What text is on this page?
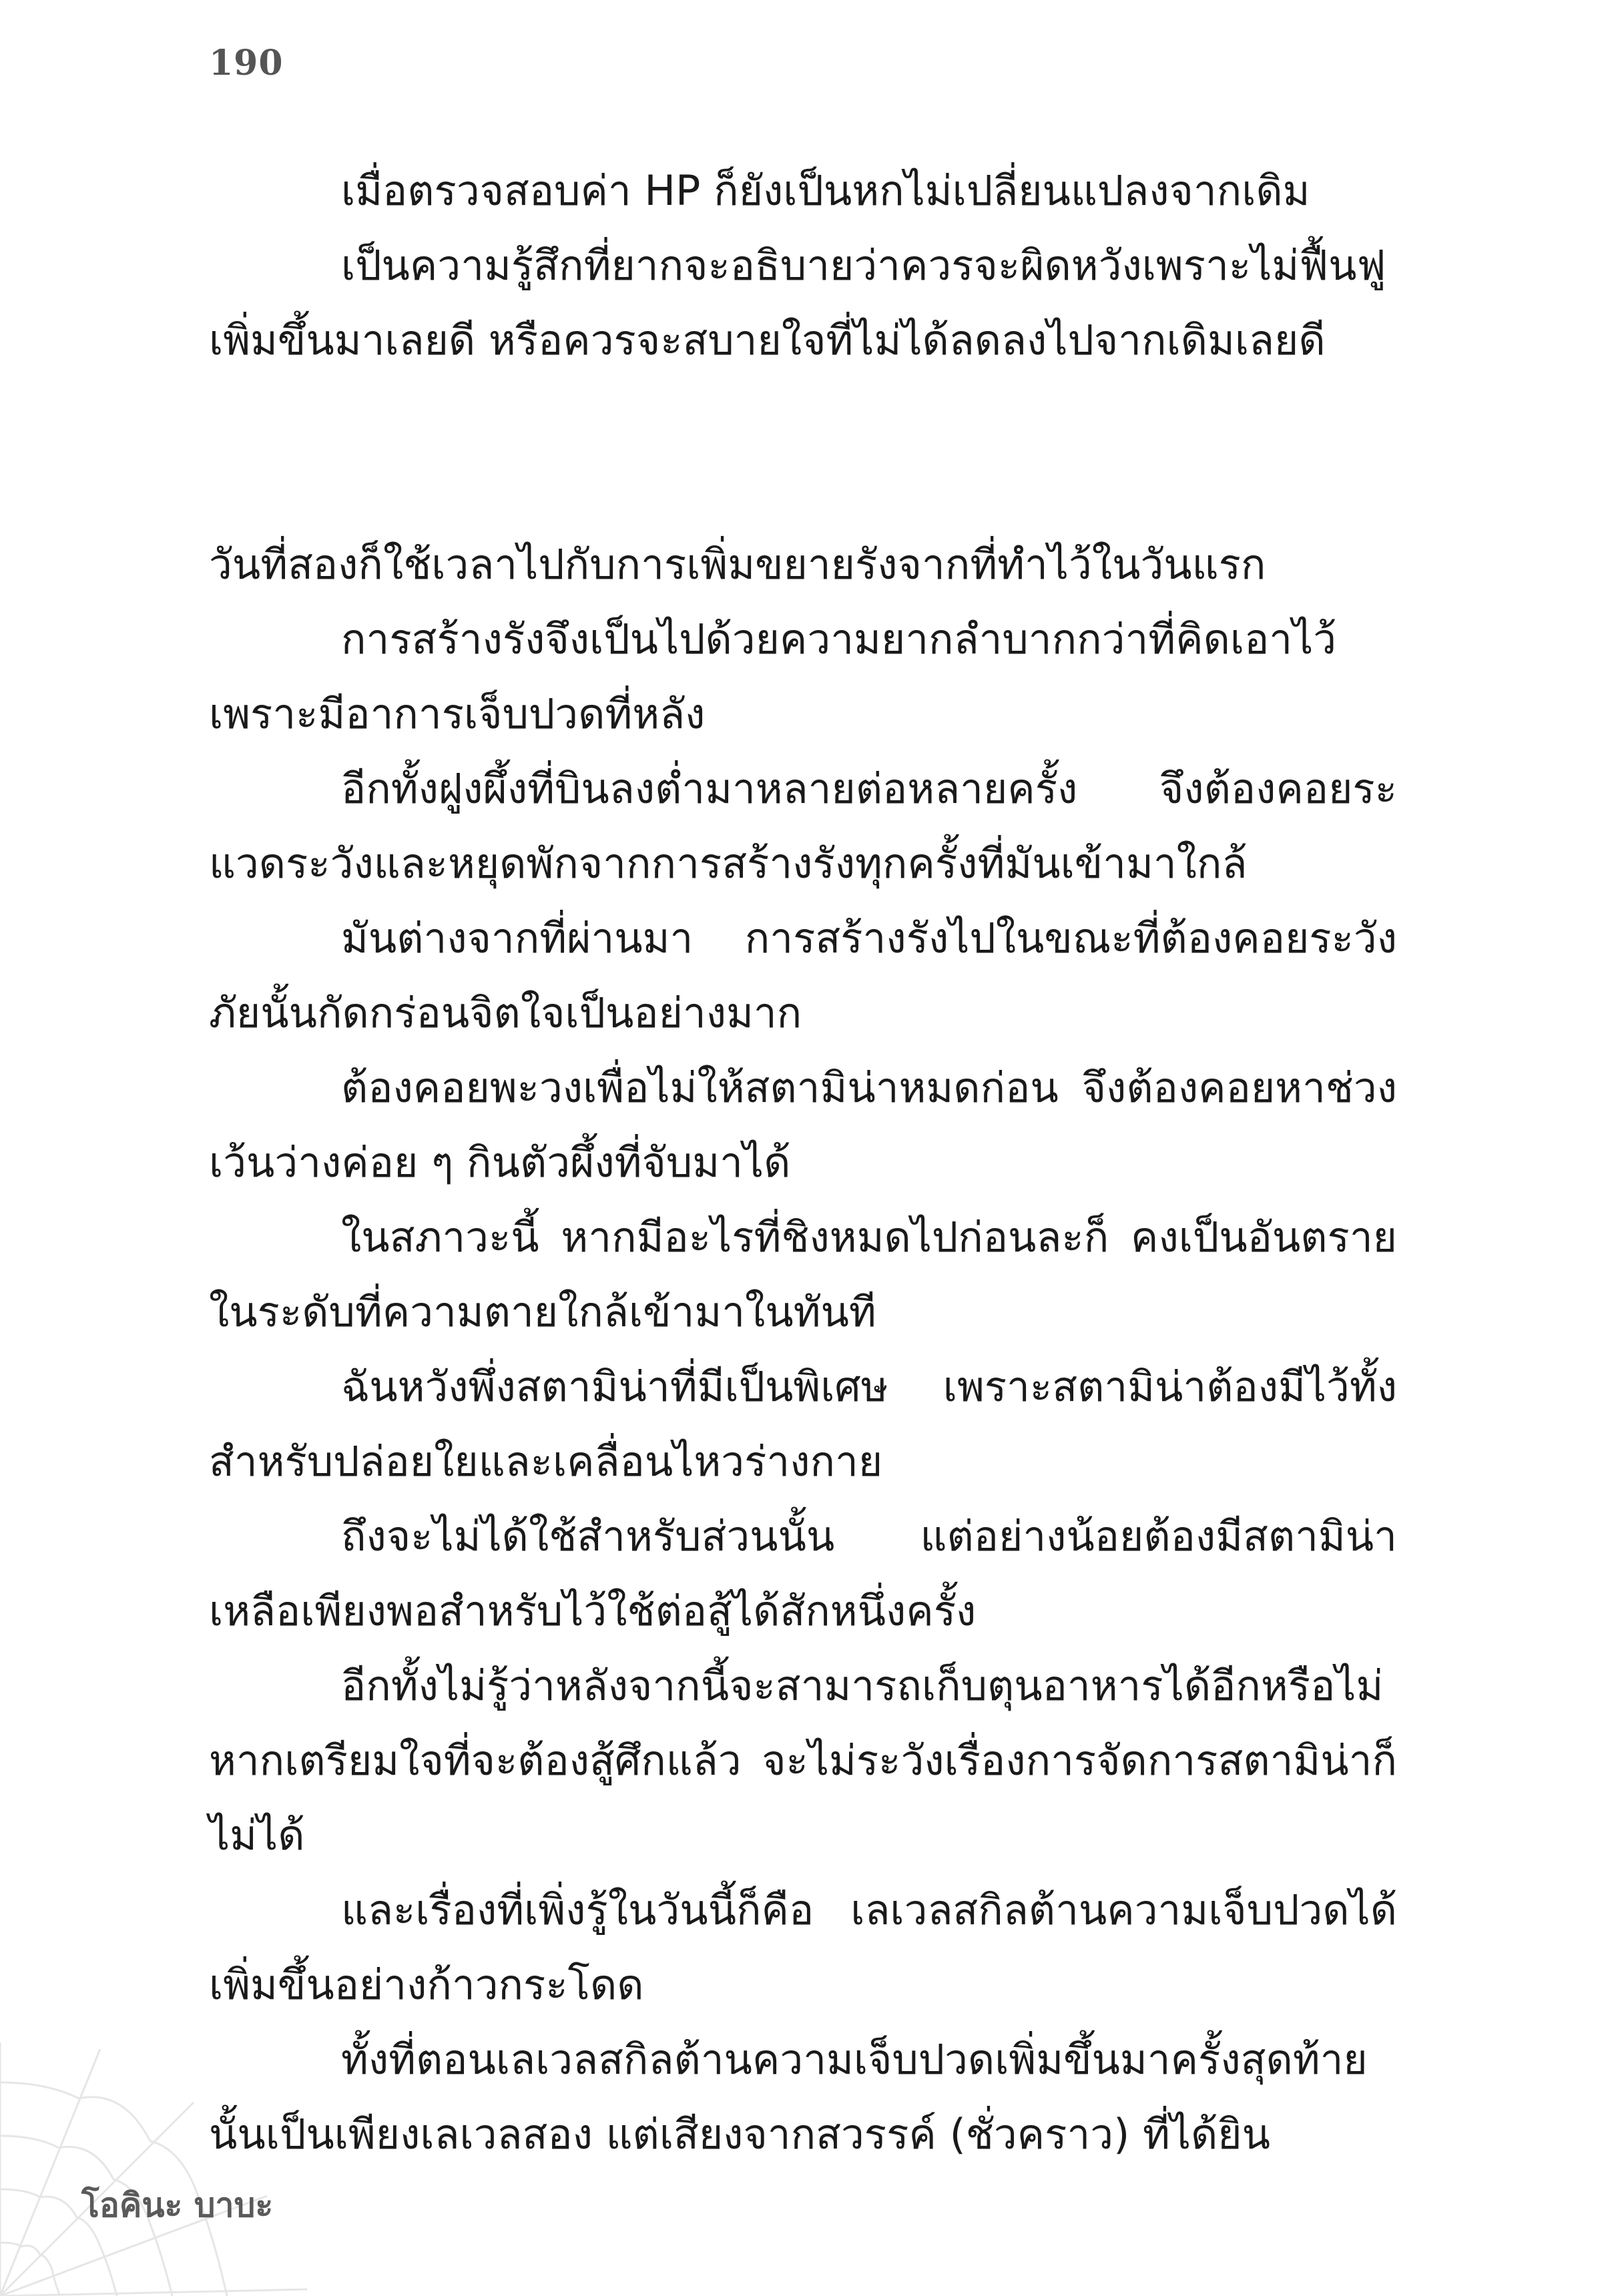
190

เมื่อตรวจสอบค่า HP ก็ยังเป็นหกไม่เปลี่ยนแปลงจากเดิม

เป็นความรู้สึกที่ยากจะอธิบายว่าควรจะผิดหวังเพราะไม่ฟื้นฟูเพิ่มขึ้นมาเลยดี หรือควรจะสบายใจที่ไม่ได้ลดลงไปจากเดิมเลยดี

วันที่สองก็ใช้เวลาไปกับการเพิ่มขยายรังจากที่ทำไว้ในวันแรก

การสร้างรังจึงเป็นไปด้วยความยากลำบากกว่าที่คิดเอาไว้ เพราะมีอาการเจ็บปวดที่หลัง

อีกทั้งฝูงผึ้งที่บินลงต่ำมาหลายต่อหลายครั้ง จึงต้องคอยระแวดระวังและหยุดพักจากการสร้างรังทุกครั้งที่มันเข้ามาใกล้

มันต่างจากที่ผ่านมา การสร้างรังไปในขณะที่ต้องคอยระวังภัยนั้นกัดกร่อนจิตใจเป็นอย่างมาก

ต้องคอยพะวงเพื่อไม่ให้สตามิน่าหมดก่อน จึงต้องคอยหาช่วงเว้นว่างค่อย ๆ กินตัวผึ้งที่จับมาได้

ในสภาวะนี้ หากมีอะไรที่ชิงหมดไปก่อนละก็ คงเป็นอันตรายในระดับที่ความตายใกล้เข้ามาในทันที

ฉันหวังพึ่งสตามิน่าที่มีเป็นพิเศษ เพราะสตามิน่าต้องมีไว้ทั้งสำหรับปล่อยใยและเคลื่อนไหวร่างกาย

ถึงจะไม่ได้ใช้สำหรับส่วนนั้น แต่อย่างน้อยต้องมีสตามิน่าเหลือเพียงพอสำหรับไว้ใช้ต่อสู้ได้สักหนึ่งครั้ง

อีกทั้งไม่รู้ว่าหลังจากนี้จะสามารถเก็บตุนอาหารได้อีกหรือไม่ หากเตรียมใจที่จะต้องสู้ศึกแล้ว จะไม่ระวังเรื่องการจัดการสตามิน่าก็ไม่ได้

และเรื่องที่เพิ่งรู้ในวันนี้ก็คือ เลเวลสกิลต้านความเจ็บปวดได้เพิ่มขึ้นอย่างก้าวกระโดด

ทั้งที่ตอนเลเวลสกิลต้านความเจ็บปวดเพิ่มขึ้นมาครั้งสุดท้ายนั้นเป็นเพียงเลเวลสอง แต่เสียงจากสวรรค์ (ชั่วคราว) ที่ได้ยิน

โอคินะ บาบะ
